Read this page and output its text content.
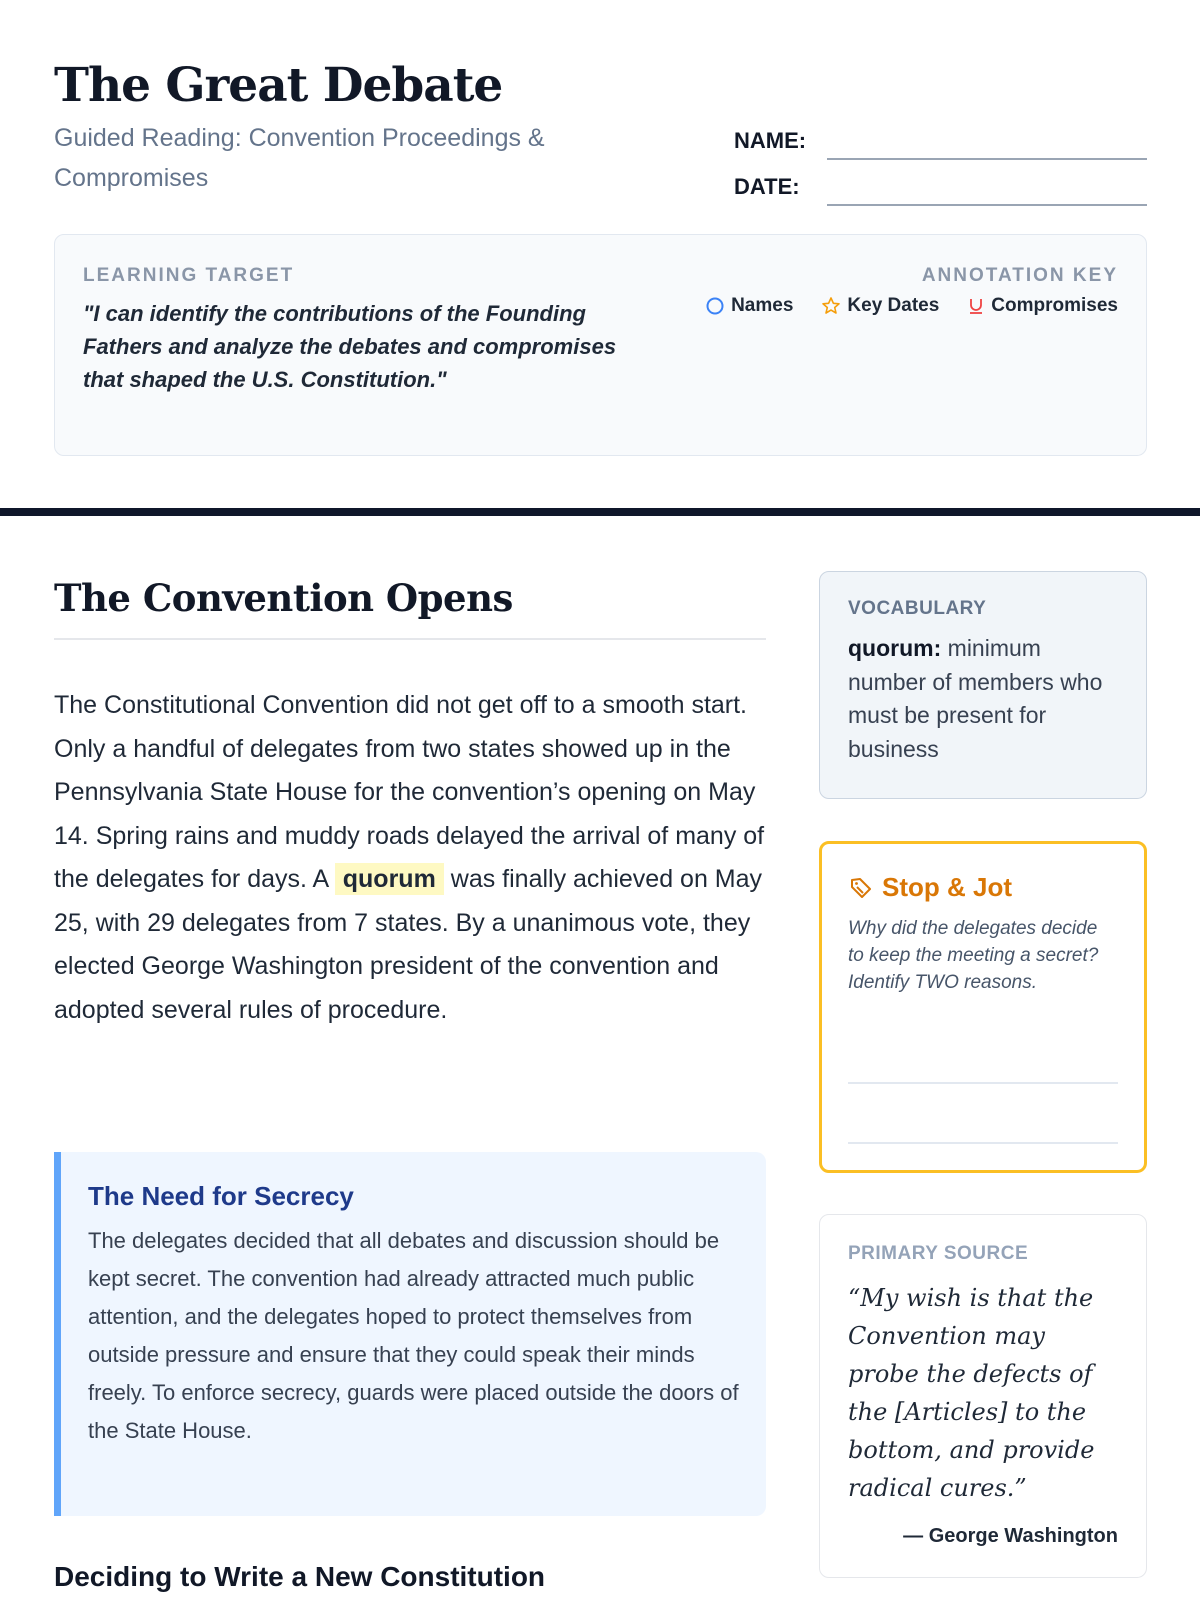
The Great Debate
Guided Reading: Convention Proceedings & Compromises
NAME:
DATE:
LEARNING TARGET
"I can identify the contributions of the Founding Fathers and analyze the debates and compromises that shaped the U.S. Constitution."
ANNOTATION KEY
Names	Key Dates	Compromises
The Convention Opens

The Constitutional Convention did not get off to a smooth start. Only a handful of delegates from two states showed up in the Pennsylvania State House for the convention’s opening on May 14. Spring rains and muddy roads delayed the arrival of many of the delegates for days. A quorum was finally achieved on May 25, with 29 delegates from 7 states. By a unanimous vote, they elected George Washington president of the convention and adopted several rules of procedure.

The Need for Secrecy
The delegates decided that all debates and discussion should be kept secret. The convention had already attracted much public attention, and the delegates hoped to protect themselves from outside pressure and ensure that they could speak their minds freely. To enforce secrecy, guards were placed outside the doors of the State House.
Deciding to Write a New Constitution
VOCABULARY
quorum: minimum number of members who must be present for business
Stop & Jot
Why did the delegates decide to keep the meeting a secret? Identify TWO reasons.
PRIMARY SOURCE
“My wish is that the Convention may probe the defects of the [Articles] to the bottom, and provide radical cures.”
— George Washington
